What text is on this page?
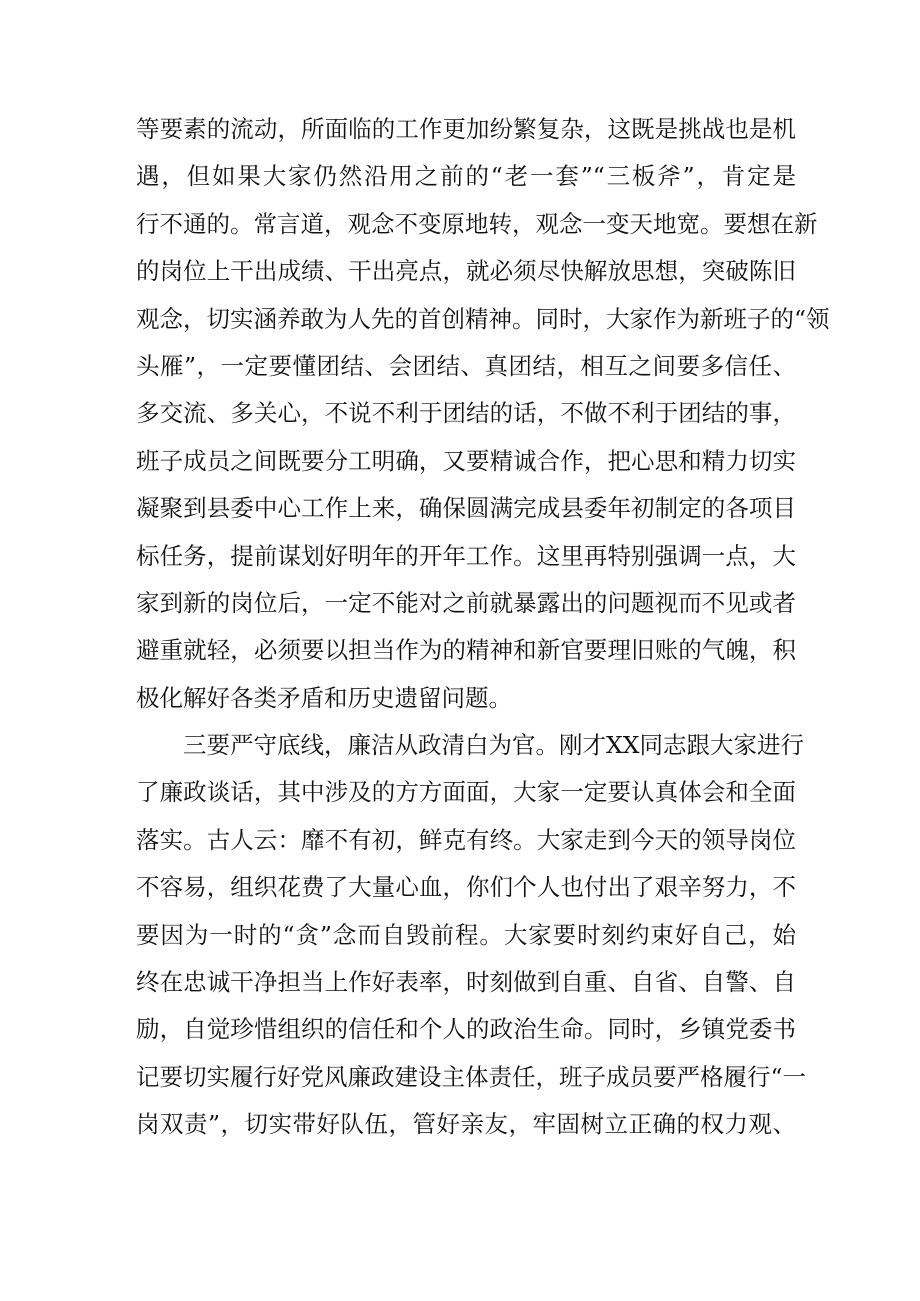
等要素的流动，所面临的工作更加纷繁复杂，这既是挑战也是机
遇，但如果大家仍然沿用之前的“老一套”“三板斧”，肯定是
行不通的。常言道，观念不变原地转，观念一变天地宽。要想在新
的岗位上干出成绩、干出亮点，就必须尽快解放思想，突破陈旧
观念，切实涵养敢为人先的首创精神。同时，大家作为新班子的“领
头雁”，一定要懂团结、会团结、真团结，相互之间要多信任、
多交流、多关心，不说不利于团结的话，不做不利于团结的事，
班子成员之间既要分工明确，又要精诚合作，把心思和精力切实
凝聚到县委中心工作上来，确保圆满完成县委年初制定的各项目
标任务，提前谋划好明年的开年工作。这里再特别强调一点，大
家到新的岗位后，一定不能对之前就暴露出的问题视而不见或者
避重就轻，必须要以担当作为的精神和新官要理旧账的气魄，积
极化解好各类矛盾和历史遗留问题。
三要严守底线，廉洁从政清白为官。刚才XX同志跟大家进行
了廉政谈话，其中涉及的方方面面，大家一定要认真体会和全面
落实。古人云：靡不有初，鲜克有终。大家走到今天的领导岗位
不容易，组织花费了大量心血，你们个人也付出了艰辛努力，不
要因为一时的“贪”念而自毁前程。大家要时刻约束好自己，始
终在忠诚干净担当上作好表率，时刻做到自重、自省、自警、自
励，自觉珍惜组织的信任和个人的政治生命。同时，乡镇党委书
记要切实履行好党风廉政建设主体责任，班子成员要严格履行“一
岗双责”，切实带好队伍，管好亲友，牢固树立正确的权力观、
